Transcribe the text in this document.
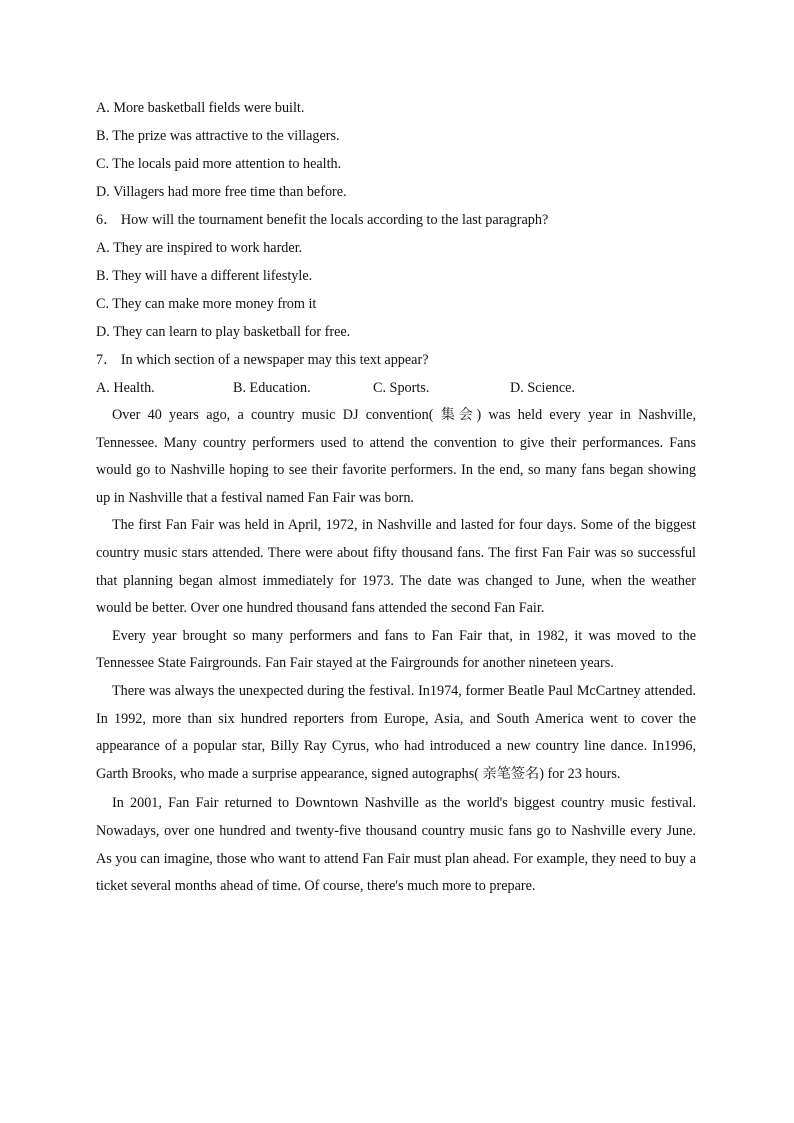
A. More basketball fields were built.
B. The prize was attractive to the villagers.
C. The locals paid more attention to health.
D. Villagers had more free time than before.
6． How will the tournament benefit the locals according to the last paragraph?
A. They are inspired to work harder.
B. They will have a different lifestyle.
C. They can make more money from it
D. They can learn to play basketball for free.
7． In which section of a newspaper may this text appear?
A. Health.	B. Education.	C. Sports.	D. Science.

Over 40 years ago, a country music DJ convention( 集会) was held every year in Nashville, Tennessee. Many country performers used to attend the convention to give their performances. Fans would go to Nashville hoping to see their favorite performers. In the end, so many fans began showing up in Nashville that a festival named Fan Fair was born.

The first Fan Fair was held in April, 1972, in Nashville and lasted for four days. Some of the biggest country music stars attended. There were about fifty thousand fans. The first Fan Fair was so successful that planning began almost immediately for 1973. The date was changed to June, when the weather would be better. Over one hundred thousand fans attended the second Fan Fair.

Every year brought so many performers and fans to Fan Fair that, in 1982, it was moved to the Tennessee State Fairgrounds. Fan Fair stayed at the Fairgrounds for another nineteen years.

There was always the unexpected during the festival. In1974, former Beatle Paul McCartney attended. In 1992, more than six hundred reporters from Europe, Asia, and South America went to cover the appearance of a popular star, Billy Ray Cyrus, who had introduced a new country line dance. In1996, Garth Brooks, who made a surprise appearance, signed autographs( 亲笔签名) for 23 hours.

In 2001, Fan Fair returned to Downtown Nashville as the world's biggest country music festival. Nowadays, over one hundred and twenty-five thousand country music fans go to Nashville every June. As you can imagine, those who want to attend Fan Fair must plan ahead. For example, they need to buy a ticket several months ahead of time. Of course, there's much more to prepare.
